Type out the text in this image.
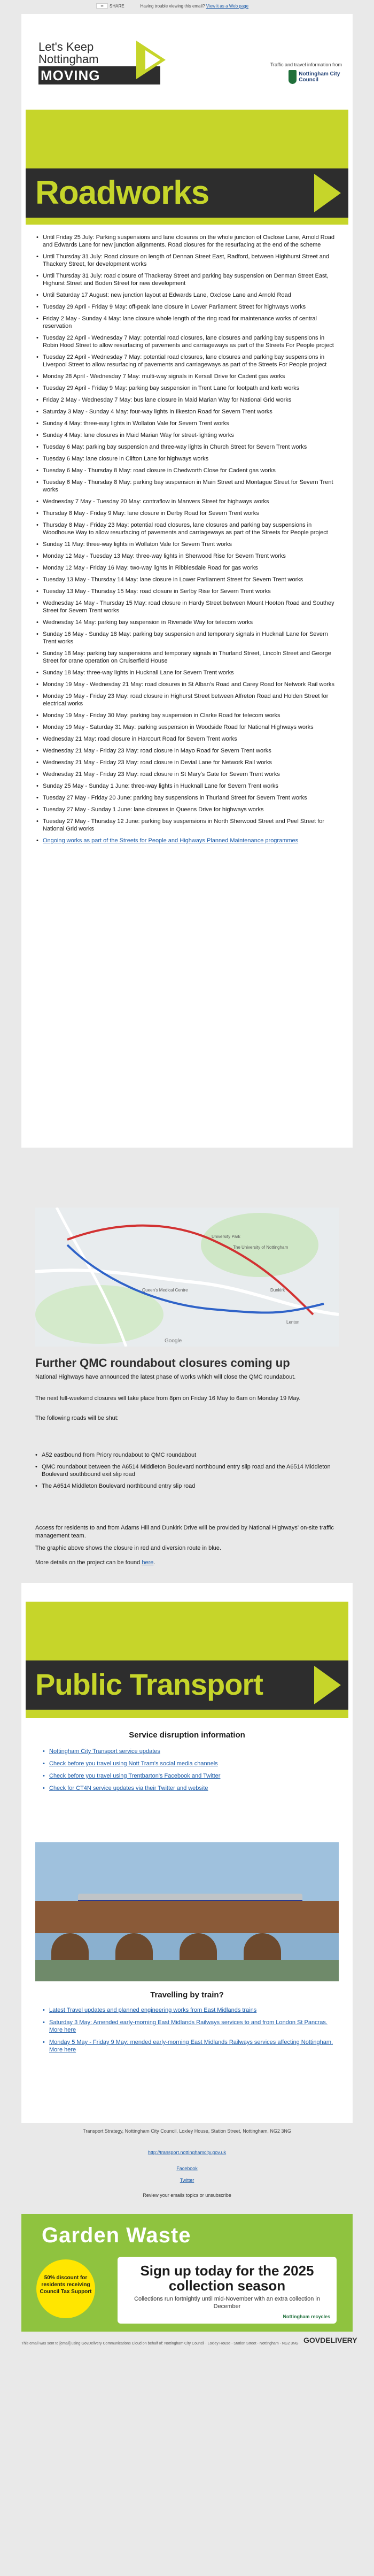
✉	SHARE	Having trouble viewing this email?
View it as a Web page
Let's Keep
Nottingham
MOVING
Traffic and travel information from
Nottingham City Council
Roadworks
• Until Friday 25 July: Parking suspensions and lane closures on the whole junction of Osclose Lane, Arnold Road and Edwards Lane for new junction alignments. Road closures for the resurfacing at the end of the scheme
• Until Thursday 31 July: Road closure on length of Dennan Street East, Radford, between Highhurst Street and Thackery Street, for development works
• Until Thursday 31 July: road closure of Thackeray Street and parking bay suspension on Denman Street East, Highurst Street and Boden Street for new development
• Until Saturday 17 August: new junction layout at Edwards Lane, Oxclose Lane and Arnold Road
• Tuesday 29 April - Friday 9 May: off-peak lane closure in Lower Parliament Street for highways works
• Friday 2 May - Sunday 4 May: lane closure whole length of the ring road for maintenance works of central reservation
• Tuesday 22 April - Wednesday 7 May: potential road closures, lane closures and parking bay suspensions in Robin Hood Street to allow resurfacing of pavements and carriageways as part of the Streets For People project
• Tuesday 22 April - Wednesday 7 May: potential road closures, lane closures and parking bay suspensions in Liverpool Street to allow resurfacing of pavements and carriageways as part of the Streets For People project
• Monday 28 April - Wednesday 7 May: multi-way signals in Kersall Drive for Cadent gas works
• Tuesday 29 April - Friday 9 May: parking bay suspension in Trent Lane for footpath and kerb works
• Friday 2 May - Wednesday 7 May: bus lane closure in Maid Marian Way for National Grid works
• Saturday 3 May - Sunday 4 May: four-way lights in Ilkeston Road for Severn Trent works
• Sunday 4 May: three-way lights in Wollaton Vale for Severn Trent works
• Sunday 4 May: lane closures in Maid Marian Way for street-lighting works
• Tuesday 6 May: parking bay suspension and three-way lights in Church Street for Severn Trent works
• Tuesday 6 May: lane closure in Clifton Lane for highways works
• Tuesday 6 May - Thursday 8 May: road closure in Chedworth Close for Cadent gas works
• Tuesday 6 May - Thursday 8 May: parking bay suspension in Main Street and Montague Street for Severn Trent works
• Wednesday 7 May - Tuesday 20 May: contraflow in Manvers Street for highways works
• Thursday 8 May - Friday 9 May: lane closure in Derby Road for Severn Trent works
• Thursday 8 May - Friday 23 May: potential road closures, lane closures and parking bay suspensions in Woodhouse Way to allow resurfacing of pavements and carriageways as part of the Streets for People project
• Sunday 11 May: three-way lights in Wollaton Vale for Severn Trent works
• Monday 12 May - Tuesday 13 May: three-way lights in Sherwood Rise for Severn Trent works
• Monday 12 May - Friday 16 May: two-way lights in Ribblesdale Road for gas works
• Tuesday 13 May - Thursday 14 May: lane closure in Lower Parliament Street for Severn Trent works
• Tuesday 13 May - Thursday 15 May: road closure in Serlby Rise for Severn Trent works
• Wednesday 14 May - Thursday 15 May: road closure in Hardy Street between Mount Hooton Road and Southey Street for Severn Trent works
• Wednesday 14 May: parking bay suspension in Riverside Way for telecom works
• Sunday 16 May - Sunday 18 May: parking bay suspension and temporary signals in Hucknall Lane for Severn Trent works
• Sunday 18 May: parking bay suspensions and temporary signals in Thurland Street, Lincoln Street and George Street for crane operation on Cruiserfield House
• Sunday 18 May: three-way lights in Hucknall Lane for Severn Trent works
• Monday 19 May - Wednesday 21 May: road closures in St Alban's Road and Carey Road for Network Rail works
• Monday 19 May - Friday 23 May: road closure in Highurst Street between Alfreton Road and Holden Street for electrical works
• Monday 19 May - Friday 30 May: parking bay suspension in Clarke Road for telecom works
• Monday 19 May - Saturday 31 May: parking suspension in Woodside Road for National Highways works
• Wednesday 21 May: road closure in Harcourt Road for Severn Trent works
• Wednesday 21 May - Friday 23 May: road closure in Mayo Road for Severn Trent works
• Wednesday 21 May - Friday 23 May: road closure in Devial Lane for Network Rail works
• Wednesday 21 May - Friday 23 May: road closure in St Mary's Gate for Severn Trent works
• Sunday 25 May - Sunday 1 June: three-way lights in Hucknall Lane for Severn Trent works
• Tuesday 27 May - Friday 20 June: parking bay suspensions in Thurland Street for Severn Trent works
• Tuesday 27 May - Sunday 1 June: lane closures in Queens Drive for highways works
• Tuesday 27 May - Thursday 12 June: parking bay suspensions in North Sherwood Street and Peel Street for National Grid works
• Ongoing works as part of the Streets for People and Highways Planned Maintenance programmes
University Park
The University of Nottingham
Dunkirk
Queen's Medical Centre
Lenton
Google
Further QMC roundabout closures coming up
National Highways have announced the latest phase of works which will close the QMC roundabout.
The next full-weekend closures will take place from 8pm on Friday 16 May to 6am on Monday 19 May.
The following roads will be shut:
• A52 eastbound from Priory roundabout to QMC roundabout
• QMC roundabout between the A6514 Middleton Boulevard northbound entry slip road and the A6514 Middleton Boulevard southbound exit slip road
• The A6514 Middleton Boulevard northbound entry slip road
Access for residents to and from Adams Hill and Dunkirk Drive will be provided by National Highways' on-site traffic management team.
The graphic above shows the closure in red and diversion route in blue.
More details on the project can be found here.
Public Transport
Service disruption information
• Nottingham City Transport service updates
• Check before you travel using Nott Tram's social media channels
• Check before you travel using Trentbarton's Facebook and Twitter
• Check for CT4N service updates via their Twitter and website
Travelling by train?
• Latest Travel updates and planned engineering works from East Midlands trains
• Saturday 3 May: Amended early-morning East Midlands Railways services to and from London St Pancras. More here
• Monday 5 May - Friday 9 May: mended early-morning East Midlands Railways services affecting Nottingham. More here
Transport Strategy, Nottingham City Council, Loxley House, Station Street, Nottingham, NG2 3NG
http://transport.nottinghamcity.gov.uk
Facebook
Twitter
Review your emails topics or unsubscribe
Garden Waste
50% discount for residents receiving Council Tax Support
Sign up today for the 2025 collection season
Collections run fortnightly until mid-November with an extra collection in December
Nottingham recycles
This email was sent to [email] using GovDelivery Communications Cloud on behalf of: Nottingham City Council · Loxley House · Station Street · Nottingham · NG2 3NG GOVDELIVERY
